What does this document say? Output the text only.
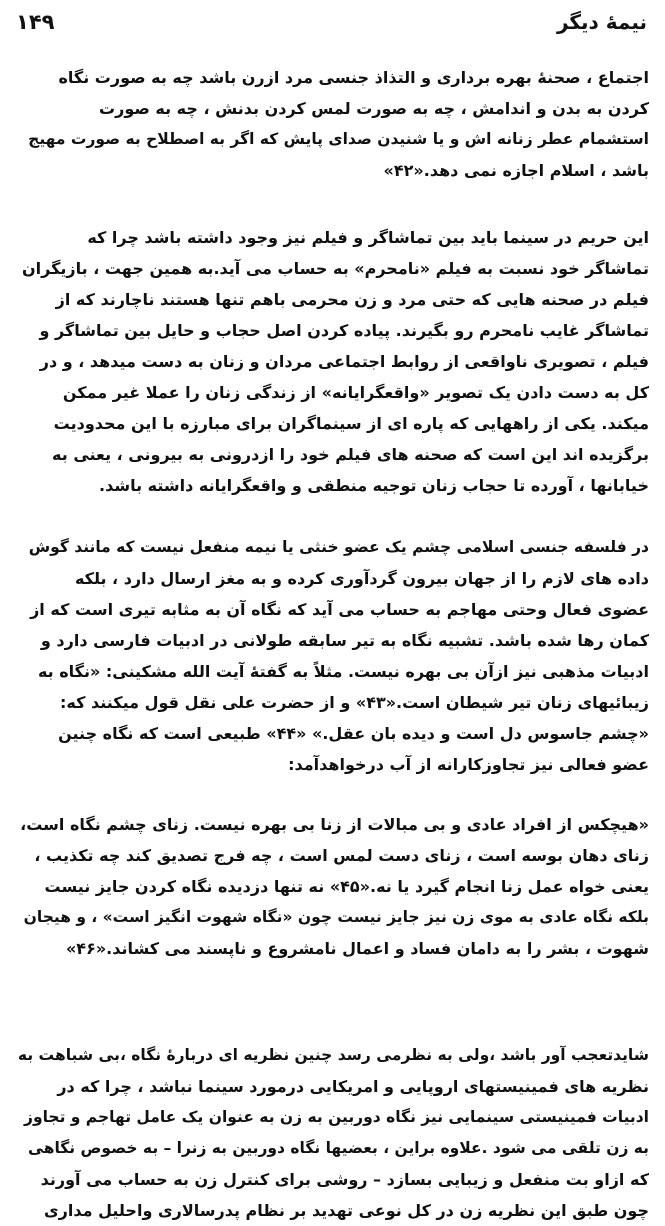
نیمهٔ دیگر
۱۴۹
اجتماع ، صحنهٔ بهره برداری و التذاذ جنسی مرد ازرن باشد چه به صورت نگاه
کردن به بدن و اندامش ، چه به صورت لمس کردن بدنش ، چه به صورت
استشمام عطر زنانه اش و یا شنیدن صدای پایش که اگر به اصطلاح به صورت مهیج
باشد ، اسلام اجازه نمی دهد.«۴۲»
این حریم در سینما باید بین تماشاگر و فیلم نیز وجود داشته باشد چرا که
تماشاگر خود نسبت به فیلم «نامحرم» به حساب می آید.به همین جهت ، بازیگران
فیلم در صحنه هایی که حتی مرد و زن محرمی باهم تنها هستند ناچارند که از
تماشاگر غایب نامحرم رو بگیرند. پیاده کردن اصل حجاب و حایل بین تماشاگر و
فیلم ، تصویری ناواقعی از روابط اجتماعی مردان و زنان به دست میدهد ، و در
کل به دست دادن یک تصویر «واقعگرایانه» از زندگی زنان را عملا غیر ممکن
میکند. یکی از راههایی که پاره ای از سینماگران برای مبارزه با این محدودیت
برگزیده اند این است که صحنه های فیلم خود را ازدرونی به بیرونی ، یعنی به
خیابانها ، آورده تا حجاب زنان توجیه منطقی و واقعگرایانه داشته باشد.
در فلسفه جنسی اسلامی چشم یک عضو خنثی یا نیمه منفعل نیست که مانند گوش
داده های لازم را از جهان بیرون گردآوری کرده و به مغز ارسال دارد ، بلکه
عضوی فعال وحتی مهاجم به حساب می آید که نگاه آن به مثابه تیری است که از
کمان رها شده باشد. تشبیه نگاه به تیر سابقه طولانی در ادبیات فارسی دارد و
ادبیات مذهبی نیز ازآن بی بهره نیست. مثلاً به گفتهٔ آیت الله مشکینی: «نگاه به
زیبائیهای زنان تیر شیطان است.«۴۳» و از حضرت علی نقل قول میکنند که:
«چشم جاسوس دل است و دیده بان عقل.» «۴۴» طبیعی است که نگاه چنین
عضو فعالی نیز تجاوزکارانه از آب درخواهدآمد:
«هیچکس از افراد عادی و بی مبالات از زنا بی بهره نیست. زنای چشم نگاه است،
زنای دهان بوسه است ، زنای دست لمس است ، چه فرج تصدیق کند چه تکذیب ،
یعنی خواه عمل زنا انجام گیرد یا نه.«۴۵» نه تنها دزدیده نگاه کردن جایز نیست
بلکه نگاه عادی به موی زن نیز جایز نیست چون «نگاه شهوت انگیز است» ، و هیجان
شهوت ، بشر را به دامان فساد و اعمال نامشروع و ناپسند می کشاند.«۴۶»
شایدتعجب آور باشد ،ولی به نظرمی رسد چنین نظریه ای دربارهٔ نگاه ،بی شباهت به
نظریه های فمینیستهای اروپایی و امریکایی درمورد سینما نباشد ، چرا که در
ادبیات فمینیستی سینمایی نیز نگاه دوربین به زن به عنوان یک عامل تهاجم و تجاوز
به زن تلقی می شود .علاوه براین ، بعضیها نگاه دوربین به زنرا – به خصوص نگاهی
که ازاو بت منفعل و زیبایی بسازد – روشی برای کنترل زن به حساب می آورند
چون طبق این نظریه زن در کل نوعی تهدید بر نظام پدرسالاری واحلیل مداری
